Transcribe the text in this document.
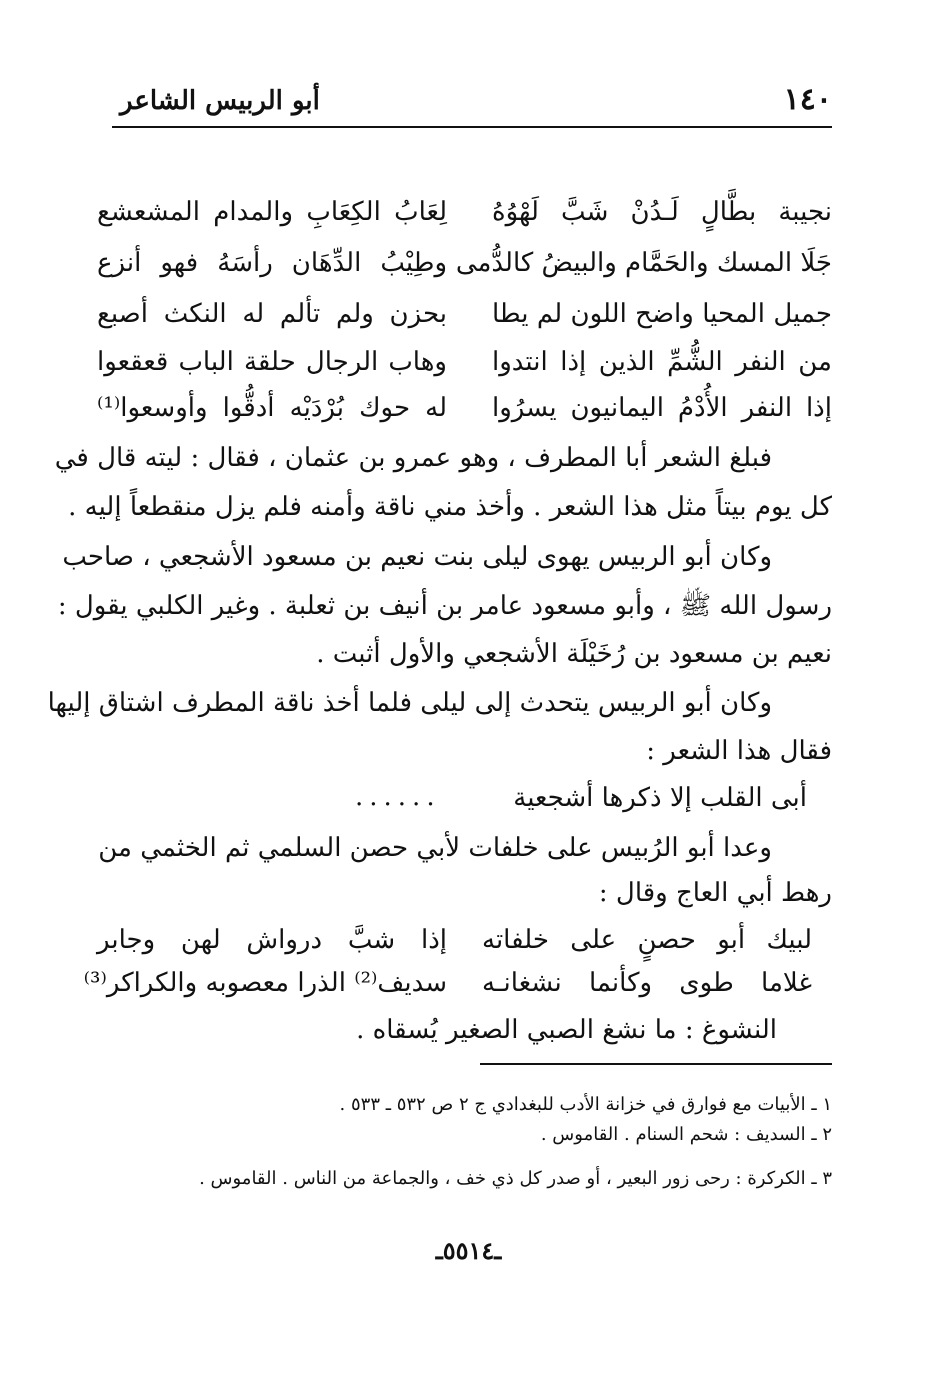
١٤٠
أبو الربيس الشاعر
نجيبة بطَّالٍ لَـدُنْ شَبَّ لَهْوُهُ
لِعَابُ الكِعَابِ والمدام المشعشع
جَلَا المسك والحَمَّام والبيضُ كالدُّمى
وطِيْبُ الدِّهَان رأسَهُ فهو أنزع
جميل المحيا واضح اللون لم يطا
بحزن ولم تألم له النكث أصبع
من النفر الشُّمِّ الذين إذا انتدوا
وهاب الرجال حلقة الباب قعقعوا
إذا النفر الأُدْمُ اليمانيون يسرُوا
له حوك بُرْدَيْه أدقُّوا وأوسعوا⁽¹⁾
فبلغ الشعر أبا المطرف ، وهو عمرو بن عثمان ، فقال : ليته قال في
كل يوم بيتاً مثل هذا الشعر . وأخذ مني ناقة وأمنه فلم يزل منقطعاً إليه .
وكان أبو الربيس يهوى ليلى بنت نعيم بن مسعود الأشجعي ، صاحب
رسول الله ﷺ ، وأبو مسعود عامر بن أنيف بن ثعلبة . وغير الكلبي يقول :
نعيم بن مسعود بن رُخَيْلَة الأشجعي والأول أثبت .
وكان أبو الربيس يتحدث إلى ليلى فلما أخذ ناقة المطرف اشتاق إليها
فقال هذا الشعر :
أبى القلب إلا ذكرها أشجعية
......
وعدا أبو الرُبيس على خلفات لأبي حصن السلمي ثم الخثمي من
رهط أبي العاج وقال :
لبيك أبو حصنٍ على خلفاته
إذا شبَّ درواش لهن وجابر
غلاما طوى وكأنما نشغانـه
سديف⁽²⁾ الذرا معصوبه والكراكر⁽³⁾
النشوغ : ما نشغ الصبي الصغير يُسقاه .
١ ـ الأبيات مع فوارق في خزانة الأدب للبغدادي ج ٢ ص ٥٣٢ ـ ٥٣٣ .
٢ ـ السديف : شحم السنام . القاموس .
٣ ـ الكركرة : رحى زور البعير ، أو صدر كل ذي خف ، والجماعة من الناس . القاموس .
ـ٥٥١٤ـ
